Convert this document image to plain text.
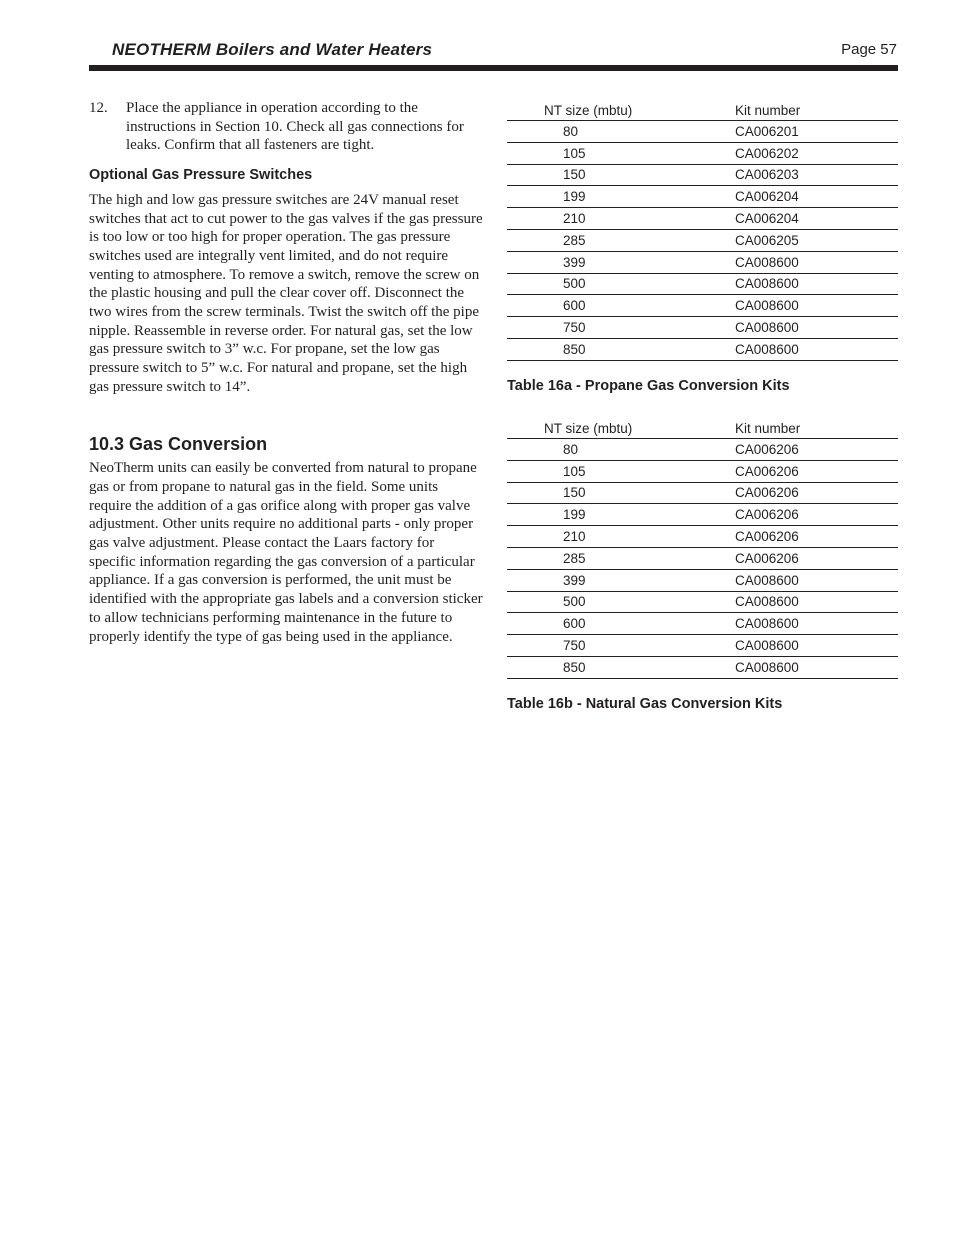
NEOTHERM Boilers and Water Heaters	Page 57
12.	Place the appliance in operation according to the instructions in Section 10. Check all gas connections for leaks. Confirm that all fasteners are tight.
Optional Gas Pressure Switches

The high and low gas pressure switches are 24V manual reset switches that act to cut power to the gas valves if the gas pressure is too low or too high for proper operation. The gas pressure switches used are integrally vent limited, and do not require venting to atmosphere. To remove a switch, remove the screw on the plastic housing and pull the clear cover off. Disconnect the two wires from the screw terminals. Twist the switch off the pipe nipple. Reassemble in reverse order. For natural gas, set the low gas pressure switch to 3” w.c. For propane, set the low gas pressure switch to 5” w.c. For natural and propane, set the high gas pressure switch to 14”.

10.3 Gas Conversion

NeoTherm units can easily be converted from natural to propane gas or from propane to natural gas in the field. Some units require the addition of a gas orifice along with proper gas valve adjustment. Other units require no additional parts - only proper gas valve adjustment. Please contact the Laars factory for specific information regarding the gas conversion of a particular appliance. If a gas conversion is performed, the unit must be identified with the appropriate gas labels and a conversion sticker to allow technicians performing maintenance in the future to properly identify the type of gas being used in the appliance.

NT size (mbtu)	Kit number
80	CA006201
105	CA006202
150	CA006203
199	CA006204
210	CA006204
285	CA006205
399	CA008600
500	CA008600
600	CA008600
750	CA008600
850	CA008600
Table 16a - Propane Gas Conversion Kits
NT size (mbtu)	Kit number
80	CA006206
105	CA006206
150	CA006206
199	CA006206
210	CA006206
285	CA006206
399	CA008600
500	CA008600
600	CA008600
750	CA008600
850	CA008600
Table 16b - Natural Gas Conversion Kits
